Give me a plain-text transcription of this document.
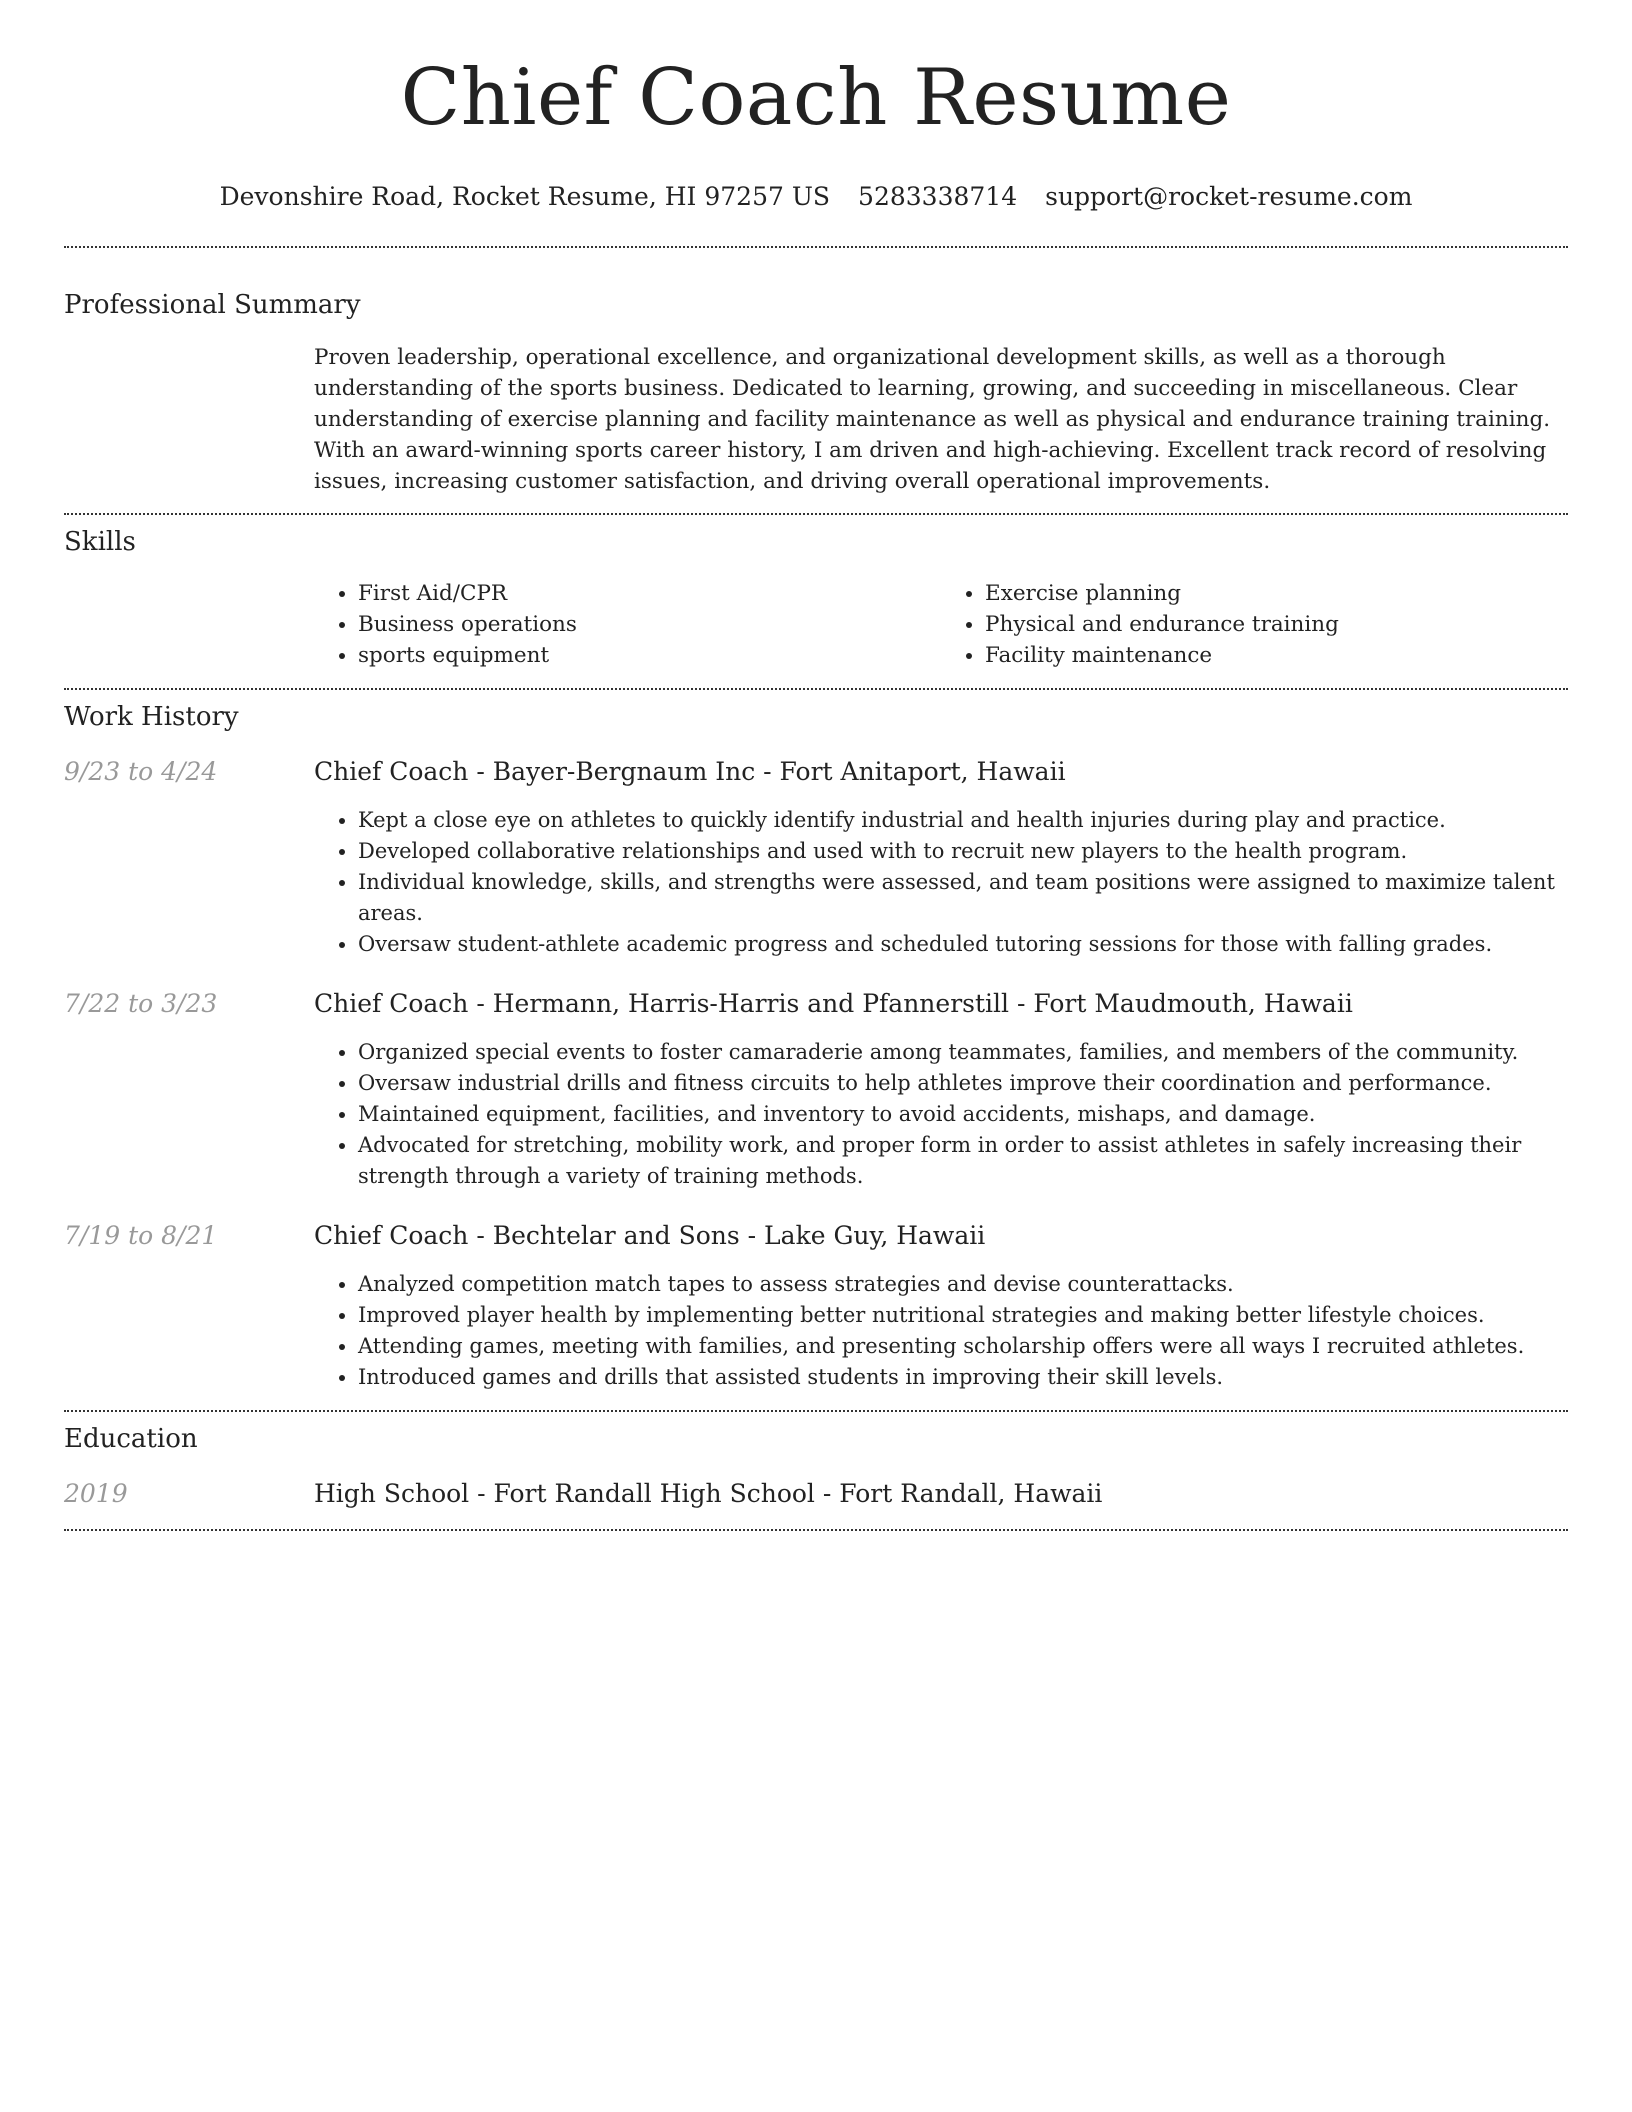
Chief Coach Resume
Devonshire Road, Rocket Resume, HI 97257 US 5283338714 support@rocket-resume.com
Professional Summary

Proven leadership, operational excellence, and organizational development skills, as well as a thorough understanding of the sports business. Dedicated to learning, growing, and succeeding in miscellaneous. Clear understanding of exercise planning and facility maintenance as well as physical and endurance training training. With an award-winning sports career history, I am driven and high-achieving. Excellent track record of resolving issues, increasing customer satisfaction, and driving overall operational improvements.

Skills
• First Aid/CPR
• Business operations
• sports equipment
• Exercise planning
• Physical and endurance training
• Facility maintenance
Work History
9/23 to 4/24	Chief Coach - Bayer-Bergnaum Inc - Fort Anitaport, Hawaii
• Kept a close eye on athletes to quickly identify industrial and health injuries during play and practice.
• Developed collaborative relationships and used with to recruit new players to the health program.
• Individual knowledge, skills, and strengths were assessed, and team positions were assigned to maximize talent areas.
• Oversaw student-athlete academic progress and scheduled tutoring sessions for those with falling grades.
7/22 to 3/23	Chief Coach - Hermann, Harris-Harris and Pfannerstill - Fort Maudmouth, Hawaii
• Organized special events to foster camaraderie among teammates, families, and members of the community.
• Oversaw industrial drills and fitness circuits to help athletes improve their coordination and performance.
• Maintained equipment, facilities, and inventory to avoid accidents, mishaps, and damage.
• Advocated for stretching, mobility work, and proper form in order to assist athletes in safely increasing their strength through a variety of training methods.
7/19 to 8/21	Chief Coach - Bechtelar and Sons - Lake Guy, Hawaii
• Analyzed competition match tapes to assess strategies and devise counterattacks.
• Improved player health by implementing better nutritional strategies and making better lifestyle choices.
• Attending games, meeting with families, and presenting scholarship offers were all ways I recruited athletes.
• Introduced games and drills that assisted students in improving their skill levels.
Education
2019	High School - Fort Randall High School - Fort Randall, Hawaii
